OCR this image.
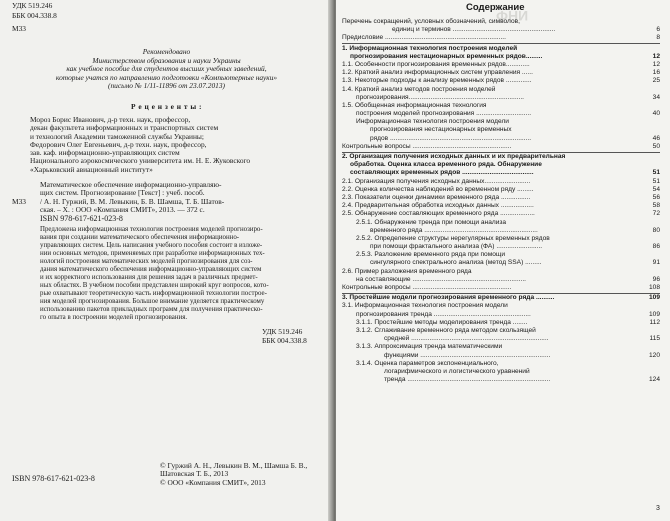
УДК 519.246
ББК 004.338.8
М33
Рекомендовано
Министерством образования и науки Украины
как учебное пособие для студентов высших учебных заведений,
которые учатся по направлению подготовки «Компьютерные науки»
(письмо № 1/11-11896 от 23.07.2013)
Р е ц е н з е н т ы :
Мороз Борис Иванович, д-р техн. наук, профессор,
декан факультета информационных и транспортных систем
и технологий Академии таможенной службы Украины;
Федорович Олег Евгеньевич, д-р техн. наук, профессор,
зав. каф. информационно-управляющих систем
Национального аэрокосмического университета им. Н. Е. Жуковского
«Харьковский авиационный институт»
Математическое обеспечение информационно-управляю-
щих систем. Прогнозирование [Текст] : учеб. пособ.
/ А. Н. Гуржий, В. М. Левыкин, Б. В. Шамша, Т. Б. Шатов-
ская. – Х. : ООО «Компания СМИТ», 2013. — 372 с.
М33
ISBN 978-617-621-023-8
Предложена информационная технология построения моделей прогнозиро-
вания при создании математического обеспечения информационно-
управляющих систем. Цель написания учебного пособия состоит в изложе-
нии основных методов, применяемых при разработке информационных тех-
нологий построения математических моделей прогнозирования для соз-
дания математического обеспечения информационно-управляющих систем
и их корректного использования для решения задач в различных предмет-
ных областях. В учебном пособии представлен широкий круг вопросов, кото-
рые охватывают теоретическую часть информационной технологии построе-
ния моделей прогнозирования. Большое внимание уделяется практическому
использованию пакетов прикладных программ для получения практическо-
го опыта в построении моделей прогнозирования.
УДК 519.246
ББК 004.338.8
ISBN 978-617-621-023-8
© Гуржий А. Н., Левыкин В. М., Шамша Б. В.,
Шатовская Т. Б., 2013
© ООО «Компания СМИТ», 2013
ИНФ
Содержание
Перечень сокращений, условных обозначений, символов,
единиц и терминов ........................................................	6
Предисловие ..................................................................	8
1. Информационная технология построения моделей
прогнозирования нестационарных временных рядов.........	12
1.1. Особенности прогнозирования временных рядов.............	12
1.2. Краткий анализ информационных систем управления ......	16
1.3. Некоторые подходы к анализу временных рядов ..............	25
1.4. Краткий анализ методов построения моделей
прогнозирования...............................................................	34
1.5. Обобщенная информационная технология
построения моделей прогнозирования ..............................	40
Информационная технология построения модели
прогнозирования нестационарных временных
рядов .............................................................................	46
Контрольные вопросы ......................................................	50
2. Организация получения исходных данных и их предварительная
обработка. Оценка класса временного ряда. Обнаружение
составляющих временных рядов .......................................	51
2.1. Организация получения исходных данных.........................	51
2.2. Оценка количества наблюдений во временном ряду .........	54
2.3. Показатели оценки динамики временного ряда ................	56
2.4. Предварительная обработка исходных данных ..................	58
2.5. Обнаружение составляющих временного ряда ...................	72
2.5.1. Обнаружение тренда при помощи анализа
временного ряда ..............................................................	80
2.5.2. Определение структуры нерегулярных временных рядов
при помощи фрактального анализа (ФА) .........................	86
2.5.3. Разложение временного ряда при помощи
сингулярного спектрального анализа (метод SSA) .........	91
2.6. Пример разложения временного ряда
на составляющие ..............................................................	96
Контрольные вопросы ......................................................	108
3. Простейшие модели прогнозирования временного ряда ..........	109
3.1. Информационная технология построения модели
прогнозирования тренда .....................................................	109
3.1.1. Простейшие методы моделирования тренда ........	112
3.1.2. Сглаживание временного ряда методом скользящей
средней ...........................................................................	115
3.1.3. Аппроксимация тренда математическими
функциями .......................................................................	120
3.1.4. Оценка параметров экспоненциального,
логарифмического и логистического уравнений
тренда ..............................................................................	124
3
